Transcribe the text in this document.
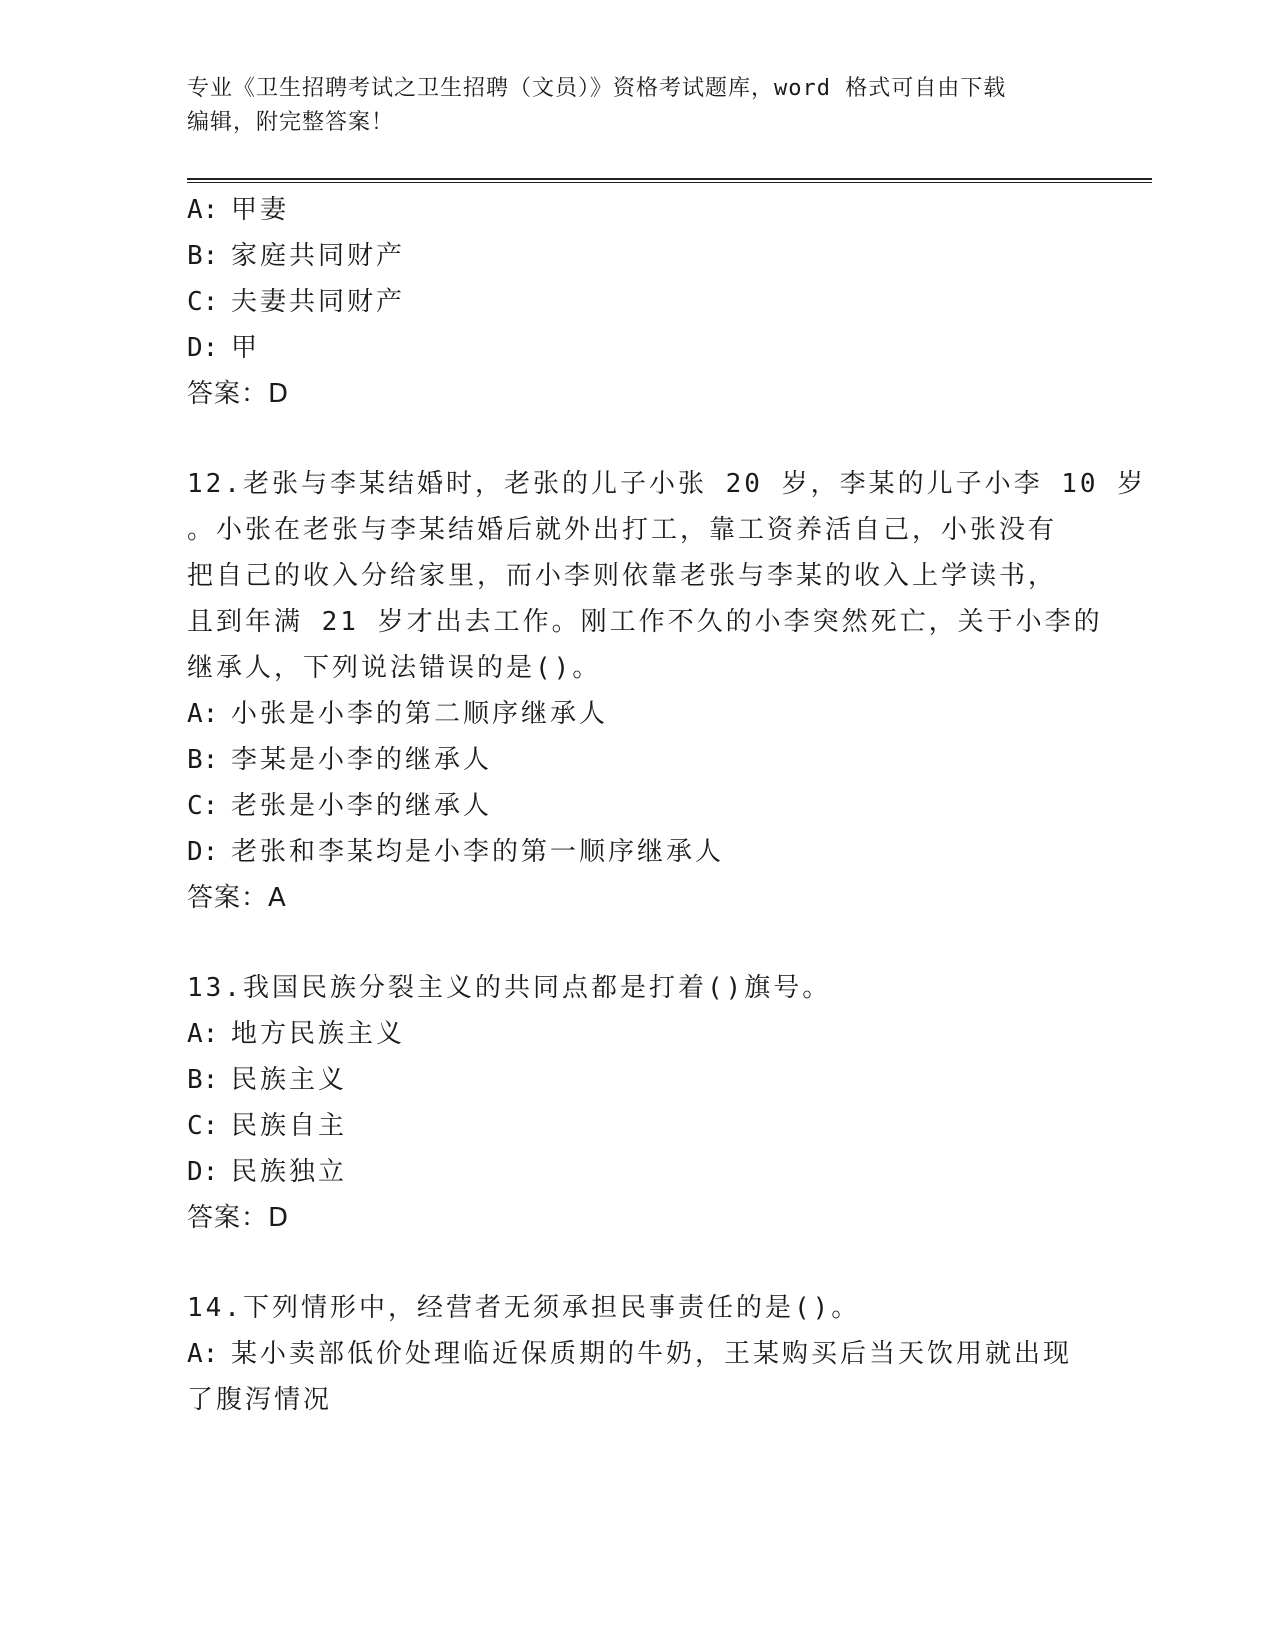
专业《卫生招聘考试之卫生招聘（文员）》资格考试题库，word 格式可自由下载
编辑，附完整答案！
A: 甲妻
B: 家庭共同财产
C: 夫妻共同财产
D: 甲
答案：D
12.老张与李某结婚时，老张的儿子小张 20 岁，李某的儿子小李 10 岁
。小张在老张与李某结婚后就外出打工，靠工资养活自己，小张没有
把自己的收入分给家里，而小李则依靠老张与李某的收入上学读书，
且到年满 21 岁才出去工作。刚工作不久的小李突然死亡，关于小李的
继承人，下列说法错误的是()。
A: 小张是小李的第二顺序继承人
B: 李某是小李的继承人
C: 老张是小李的继承人
D: 老张和李某均是小李的第一顺序继承人
答案：A
13.我国民族分裂主义的共同点都是打着()旗号。
A: 地方民族主义
B: 民族主义
C: 民族自主
D: 民族独立
答案：D
14.下列情形中，经营者无须承担民事责任的是()。
A: 某小卖部低价处理临近保质期的牛奶，王某购买后当天饮用就出现
了腹泻情况
